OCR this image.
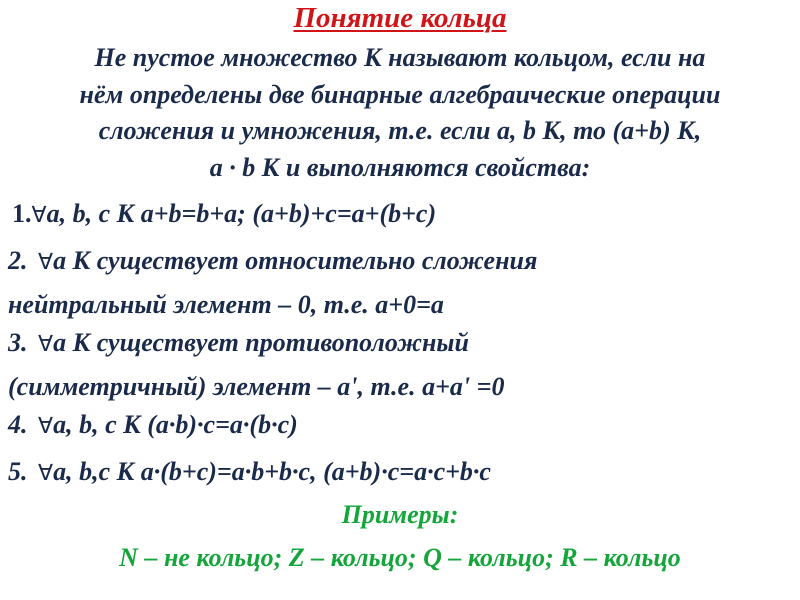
Понятие кольца
Не пустое множество К называют кольцом, если на
нём определены две бинарные алгебраические операции
сложения и умножения, т.е. если a, b К, то (a+b) К,
a · b К и выполняются свойства:
1.∀a, b, c К a+b=b+a; (a+b)+c=a+(b+c)
2. ∀a К существует относительно сложения
нейтральный элемент – 0, т.е. a+0=a
3. ∀a К существует противоположный
(симметричный) элемент – a', т.е. a+a' =0
4. ∀a, b, c К (a·b)·c=a·(b·c)
5. ∀a, b,c К a·(b+c)=a·b+b·c, (a+b)·c=a·c+b·c
Примеры:
N – не кольцо; Z – кольцо; Q – кольцо; R – кольцо
